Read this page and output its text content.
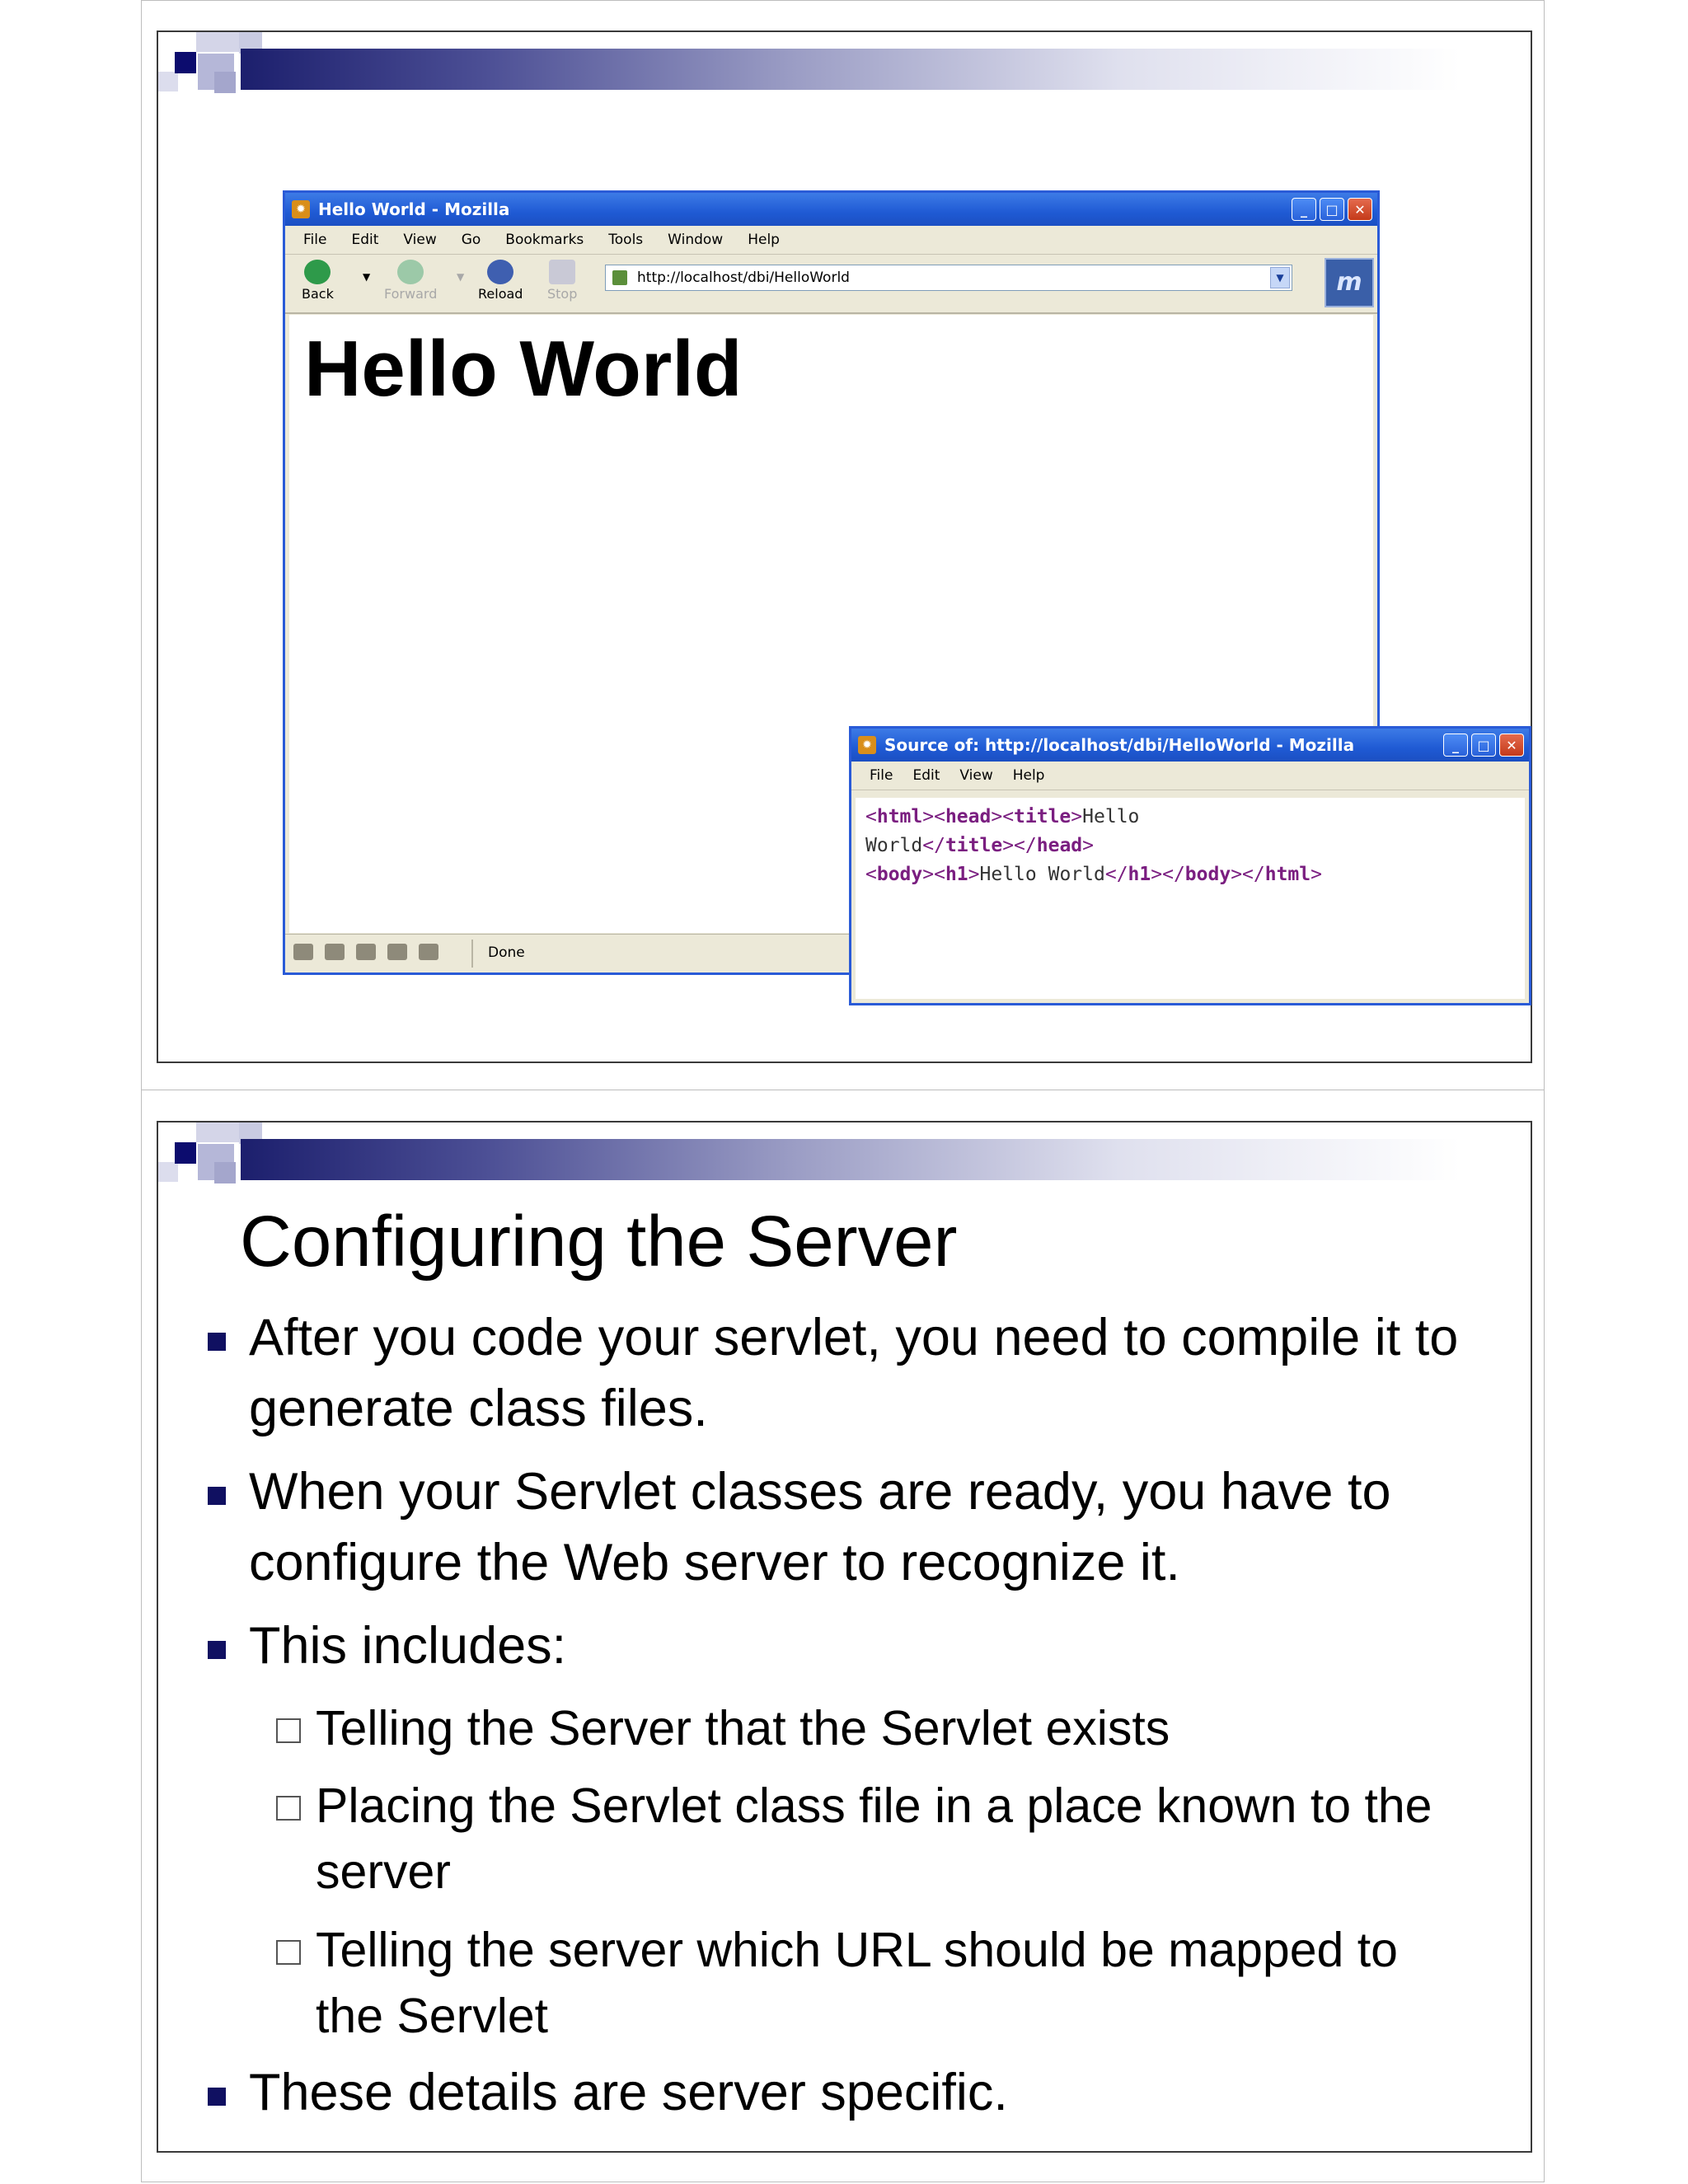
✹ Hello World - Mozilla	_	□	✕
File Edit View Go Bookmarks Tools Window Help
Back
▼
Forward
▼
Reload Stop
http://localhost/dbi/HelloWorld	▼	m
Hello World
Done
✹ Source of: http://localhost/dbi/HelloWorld - Mozilla	_	□	✕
File Edit View Help
<html><head><title>Hello
World</title></head>
<body><h1>Hello World</h1></body></html>
Configuring the Server
After you code your servlet, you need to compile it to generate class files.
When your Servlet classes are ready, you have to configure the Web server to recognize it.
This includes:
Telling the Server that the Servlet exists
Placing the Servlet class file in a place known to the server
Telling the server which URL should be mapped to the Servlet
These details are server specific.
